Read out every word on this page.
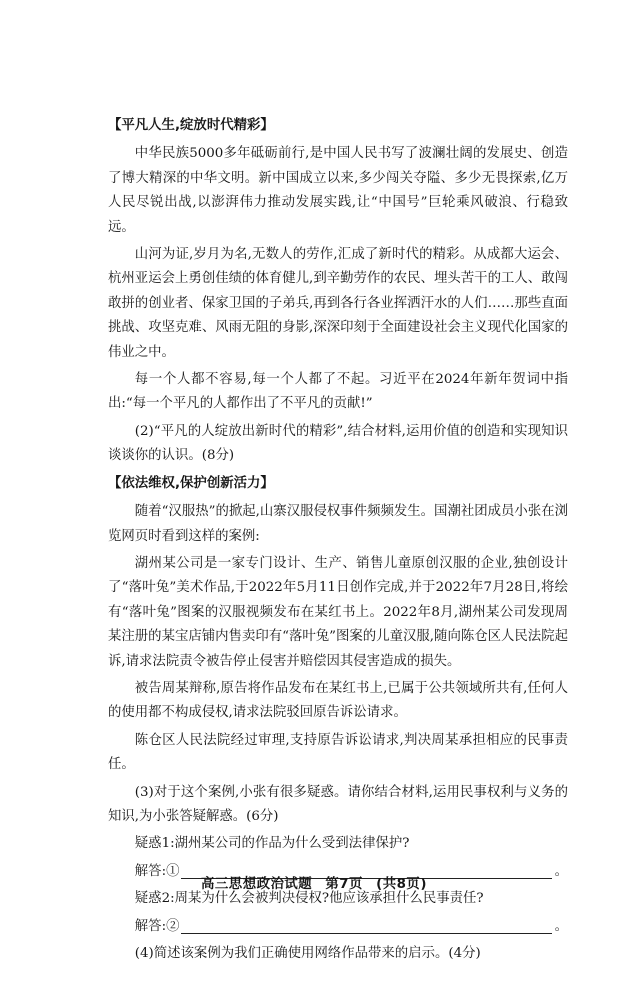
【平凡人生,绽放时代精彩】

中华民族5000多年砥砺前行,是中国人民书写了波澜壮阔的发展史、创造了博大精深的中华文明。新中国成立以来,多少闯关夺隘、多少无畏探索,亿万人民尽锐出战,以澎湃伟力推动发展实践,让“中国号”巨轮乘风破浪、行稳致远。

山河为证,岁月为名,无数人的劳作,汇成了新时代的精彩。从成都大运会、杭州亚运会上勇创佳绩的体育健儿,到辛勤劳作的农民、埋头苦干的工人、敢闯敢拼的创业者、保家卫国的子弟兵,再到各行各业挥洒汗水的人们……那些直面挑战、攻坚克难、风雨无阻的身影,深深印刻于全面建设社会主义现代化国家的伟业之中。

每一个人都不容易,每一个人都了不起。习近平在2024年新年贺词中指出:“每一个平凡的人都作出了不平凡的贡献!”

(2)“平凡的人绽放出新时代的精彩”,结合材料,运用价值的创造和实现知识谈谈你的认识。(8分)

【依法维权,保护创新活力】

随着“汉服热”的掀起,山寨汉服侵权事件频频发生。国潮社团成员小张在浏览网页时看到这样的案例:

湖州某公司是一家专门设计、生产、销售儿童原创汉服的企业,独创设计了“落叶兔”美术作品,于2022年5月11日创作完成,并于2022年7月28日,将绘有“落叶兔”图案的汉服视频发布在某红书上。2022年8月,湖州某公司发现周某注册的某宝店铺内售卖印有“落叶兔”图案的儿童汉服,随向陈仓区人民法院起诉,请求法院责令被告停止侵害并赔偿因其侵害造成的损失。

被告周某辩称,原告将作品发布在某红书上,已属于公共领域所共有,任何人的使用都不构成侵权,请求法院驳回原告诉讼请求。

陈仓区人民法院经过审理,支持原告诉讼请求,判决周某承担相应的民事责任。

(3)对于这个案例,小张有很多疑惑。请你结合材料,运用民事权利与义务的知识,为小张答疑解惑。(6分)

疑惑1:湖州某公司的作品为什么受到法律保护?

解答:①	。

疑惑2:周某为什么会被判决侵权?他应该承担什么民事责任?

解答:②	。

(4)简述该案例为我们正确使用网络作品带来的启示。(4分)

高三思想政治试题 第7页 (共8页)
